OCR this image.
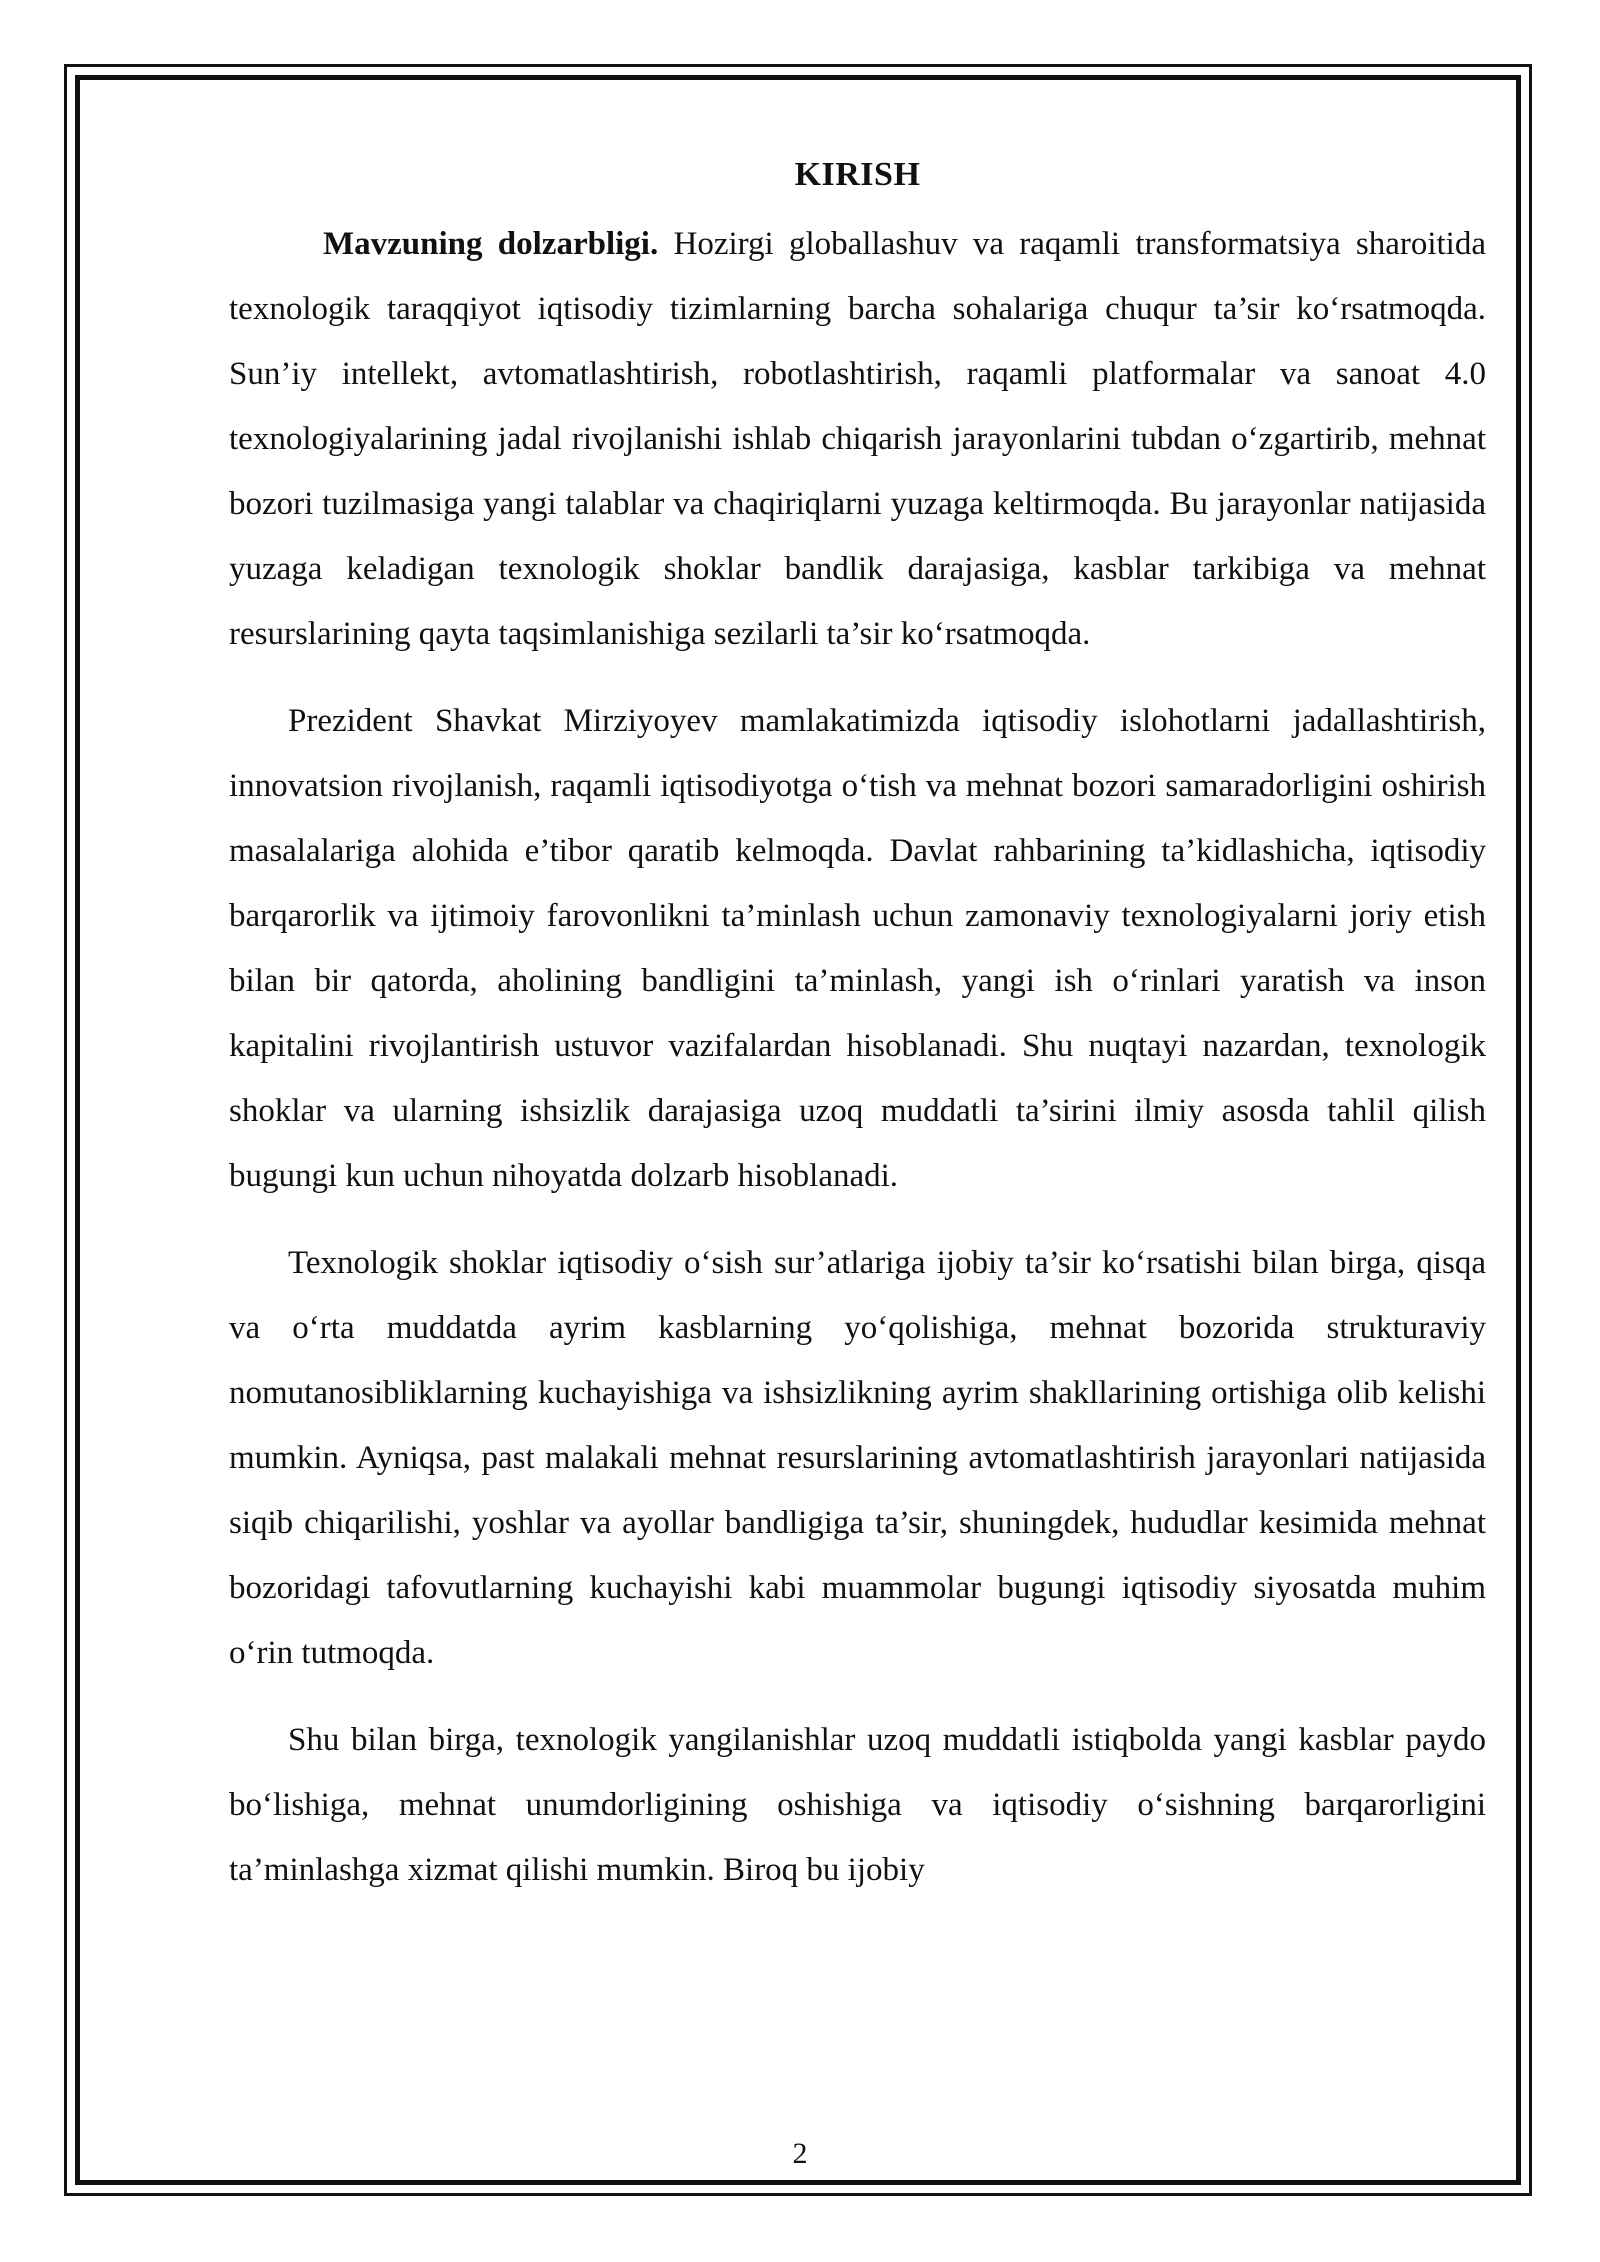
KIRISH

Mavzuning dolzarbligi. Hozirgi globallashuv va raqamli transformatsiya sharoitida texnologik taraqqiyot iqtisodiy tizimlarning barcha sohalariga chuqur ta’sir ko‘rsatmoqda. Sun’iy intellekt, avtomatlashtirish, robotlashtirish, raqamli platformalar va sanoat 4.0 texnologiyalarining jadal rivojlanishi ishlab chiqarish jarayonlarini tubdan o‘zgartirib, mehnat bozori tuzilmasiga yangi talablar va chaqiriqlarni yuzaga keltirmoqda. Bu jarayonlar natijasida yuzaga keladigan texnologik shoklar bandlik darajasiga, kasblar tarkibiga va mehnat resurslarining qayta taqsimlanishiga sezilarli ta’sir ko‘rsatmoqda.

Prezident Shavkat Mirziyoyev mamlakatimizda iqtisodiy islohotlarni jadallashtirish, innovatsion rivojlanish, raqamli iqtisodiyotga o‘tish va mehnat bozori samaradorligini oshirish masalalariga alohida e’tibor qaratib kelmoqda. Davlat rahbarining ta’kidlashicha, iqtisodiy barqarorlik va ijtimoiy farovonlikni ta’minlash uchun zamonaviy texnologiyalarni joriy etish bilan bir qatorda, aholining bandligini ta’minlash, yangi ish o‘rinlari yaratish va inson kapitalini rivojlantirish ustuvor vazifalardan hisoblanadi. Shu nuqtayi nazardan, texnologik shoklar va ularning ishsizlik darajasiga uzoq muddatli ta’sirini ilmiy asosda tahlil qilish bugungi kun uchun nihoyatda dolzarb hisoblanadi.

Texnologik shoklar iqtisodiy o‘sish sur’atlariga ijobiy ta’sir ko‘rsatishi bilan birga, qisqa va o‘rta muddatda ayrim kasblarning yo‘qolishiga, mehnat bozorida strukturaviy nomutanosibliklarning kuchayishiga va ishsizlikning ayrim shakllarining ortishiga olib kelishi mumkin. Ayniqsa, past malakali mehnat resurslarining avtomatlashtirish jarayonlari natijasida siqib chiqarilishi, yoshlar va ayollar bandligiga ta’sir, shuningdek, hududlar kesimida mehnat bozoridagi tafovutlarning kuchayishi kabi muammolar bugungi iqtisodiy siyosatda muhim o‘rin tutmoqda.

Shu bilan birga, texnologik yangilanishlar uzoq muddatli istiqbolda yangi kasblar paydo bo‘lishiga, mehnat unumdorligining oshishiga va iqtisodiy o‘sishning barqarorligini ta’minlashga xizmat qilishi mumkin. Biroq bu ijobiy

2
